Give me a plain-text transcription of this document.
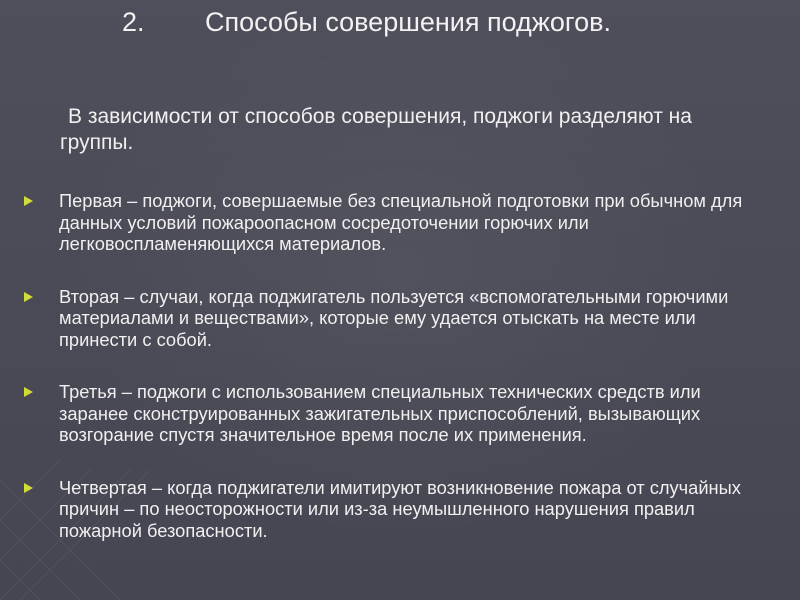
2. Способы совершения поджогов.
В зависимости от способов совершения, поджоги разделяют на группы.
Первая – поджоги, совершаемые без специальной подготовки при обычном для данных условий пожароопасном сосредоточении горючих или легковоспламеняющихся материалов.
Вторая – случаи, когда поджигатель пользуется «вспомогательными горючими материалами и веществами», которые ему удается отыскать на месте или принести с собой.
Третья – поджоги с использованием специальных технических средств или заранее сконструированных зажигательных приспособлений, вызывающих возгорание спустя значительное время после их применения.
Четвертая – когда поджигатели имитируют возникновение пожара от случайных причин – по неосторожности или из-за неумышленного нарушения правил пожарной безопасности.
